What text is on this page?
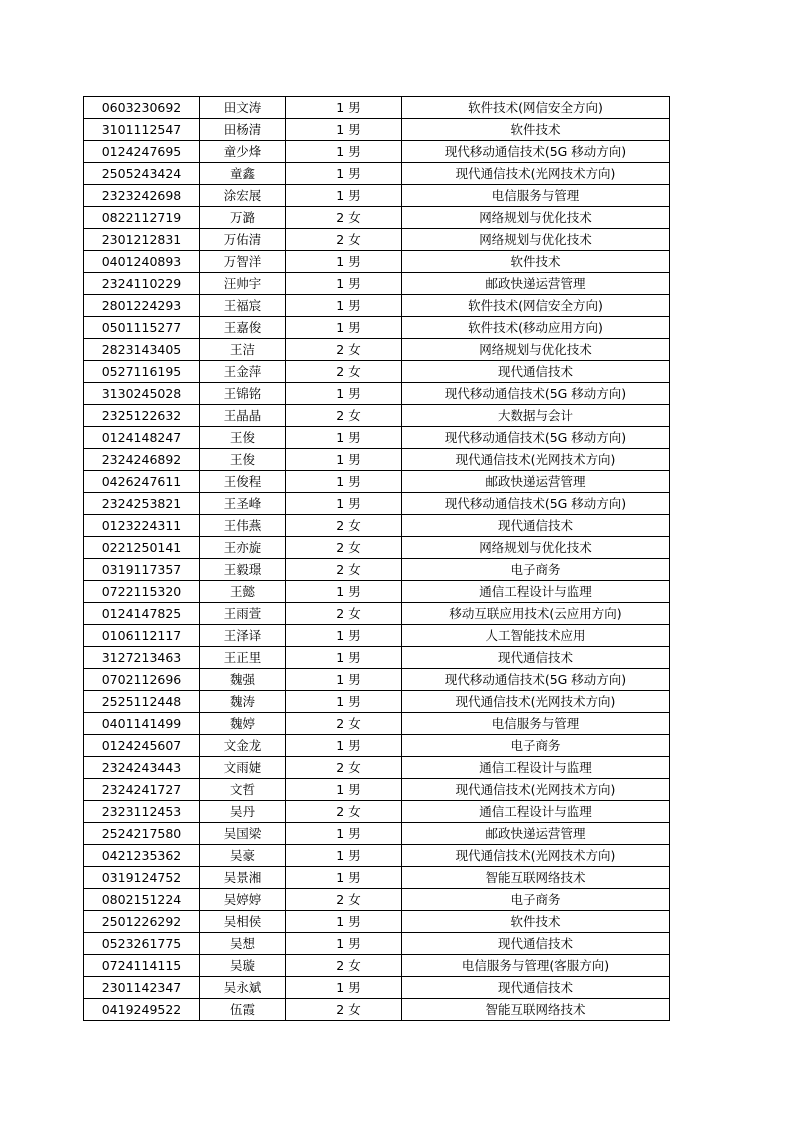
0603230692	田文涛	1 男	软件技术(网信安全方向)
3101112547	田杨清	1 男	软件技术
0124247695	童少烽	1 男	现代移动通信技术(5G 移动方向)
2505243424	童鑫	1 男	现代通信技术(光网技术方向)
2323242698	涂宏展	1 男	电信服务与管理
0822112719	万潞	2 女	网络规划与优化技术
2301212831	万佑清	2 女	网络规划与优化技术
0401240893	万智洋	1 男	软件技术
2324110229	汪帅宇	1 男	邮政快递运营管理
2801224293	王福宸	1 男	软件技术(网信安全方向)
0501115277	王嘉俊	1 男	软件技术(移动应用方向)
2823143405	王洁	2 女	网络规划与优化技术
0527116195	王金萍	2 女	现代通信技术
3130245028	王锦铭	1 男	现代移动通信技术(5G 移动方向)
2325122632	王晶晶	2 女	大数据与会计
0124148247	王俊	1 男	现代移动通信技术(5G 移动方向)
2324246892	王俊	1 男	现代通信技术(光网技术方向)
0426247611	王俊程	1 男	邮政快递运营管理
2324253821	王圣峰	1 男	现代移动通信技术(5G 移动方向)
0123224311	王伟燕	2 女	现代通信技术
0221250141	王亦旋	2 女	网络规划与优化技术
0319117357	王毅璟	2 女	电子商务
0722115320	王懿	1 男	通信工程设计与监理
0124147825	王雨萱	2 女	移动互联应用技术(云应用方向)
0106112117	王泽译	1 男	人工智能技术应用
3127213463	王正里	1 男	现代通信技术
0702112696	魏强	1 男	现代移动通信技术(5G 移动方向)
2525112448	魏涛	1 男	现代通信技术(光网技术方向)
0401141499	魏婷	2 女	电信服务与管理
0124245607	文金龙	1 男	电子商务
2324243443	文雨婕	2 女	通信工程设计与监理
2324241727	文哲	1 男	现代通信技术(光网技术方向)
2323112453	吴丹	2 女	通信工程设计与监理
2524217580	吴国梁	1 男	邮政快递运营管理
0421235362	吴豪	1 男	现代通信技术(光网技术方向)
0319124752	吴景湘	1 男	智能互联网络技术
0802151224	吴婷婷	2 女	电子商务
2501226292	吴相侯	1 男	软件技术
0523261775	吴想	1 男	现代通信技术
0724114115	吴璇	2 女	电信服务与管理(客服方向)
2301142347	吴永斌	1 男	现代通信技术
0419249522	伍霞	2 女	智能互联网络技术
